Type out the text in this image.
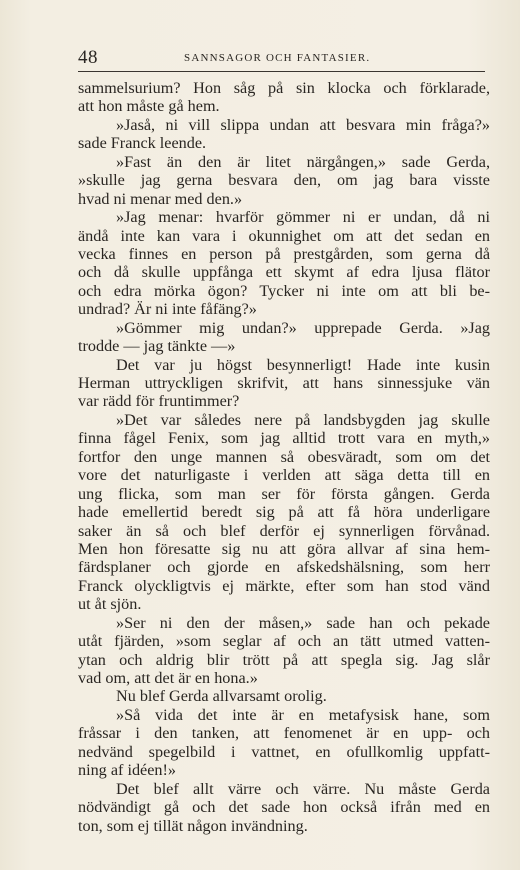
48	SANNSAGOR OCH FANTASIER.
sammelsurium? Hon såg på sin klocka och förklarade,
att hon måste gå hem.
»Jaså, ni vill slippa undan att besvara min fråga?»
sade Franck leende.
»Fast än den är litet närgången,» sade Gerda,
»skulle jag gerna besvara den, om jag bara visste
hvad ni menar med den.»
»Jag menar: hvarför gömmer ni er undan, då ni
ändå inte kan vara i okunnighet om att det sedan en
vecka finnes en person på prestgården, som gerna då
och då skulle uppfånga ett skymt af edra ljusa flätor
och edra mörka ögon? Tycker ni inte om att bli be-
undrad? Är ni inte fåfäng?»
»Gömmer mig undan?» upprepade Gerda. »Jag
trodde — jag tänkte —»
Det var ju högst besynnerligt! Hade inte kusin
Herman uttryckligen skrifvit, att hans sinnessjuke vän
var rädd för fruntimmer?
»Det var således nere på landsbygden jag skulle
finna fågel Fenix, som jag alltid trott vara en myth,»
fortfor den unge mannen så obesväradt, som om det
vore det naturligaste i verlden att säga detta till en
ung flicka, som man ser för första gången. Gerda
hade emellertid beredt sig på att få höra underligare
saker än så och blef derför ej synnerligen förvånad.
Men hon föresatte sig nu att göra allvar af sina hem-
färdsplaner och gjorde en afskedshälsning, som herr
Franck olyckligtvis ej märkte, efter som han stod vänd
ut åt sjön.
»Ser ni den der måsen,» sade han och pekade
utåt fjärden, »som seglar af och an tätt utmed vatten-
ytan och aldrig blir trött på att spegla sig. Jag slår
vad om, att det är en hona.»
Nu blef Gerda allvarsamt orolig.
»Så vida det inte är en metafysisk hane, som
fråssar i den tanken, att fenomenet är en upp- och
nedvänd spegelbild i vattnet, en ofullkomlig uppfatt-
ning af idéen!»
Det blef allt värre och värre. Nu måste Gerda
nödvändigt gå och det sade hon också ifrån med en
ton, som ej tillät någon invändning.
